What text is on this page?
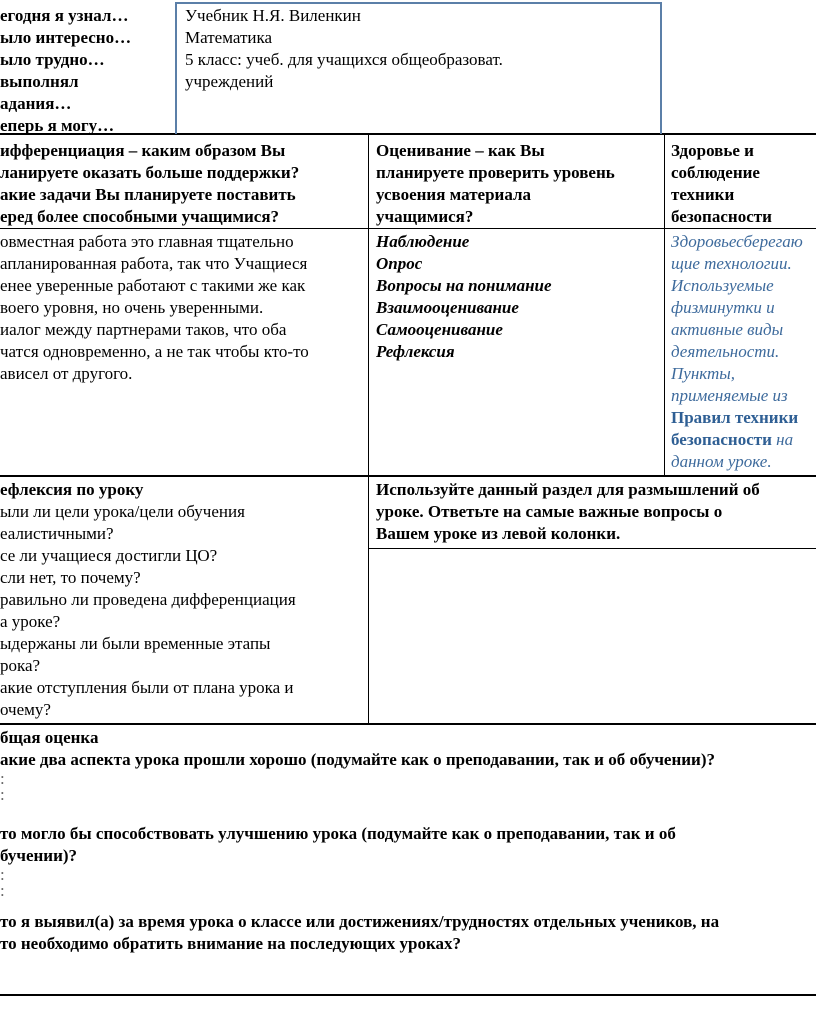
егодня я узнал…
ыло интересно…
ыло трудно…
выполнял
адания…
еперь я могу…
Учебник Н.Я. Виленкин
Математика
5 класс: учеб. для учащихся общеобразоват.
учреждений
ифференциация – каким образом Вы
ланируете оказать больше поддержки?
акие задачи Вы планируете поставить
еред более способными учащимися?
Оценивание – как Вы
планируете проверить уровень
усвоения материала
учащимися?
Здоровье и
соблюдение
техники
безопасности
овместная работа это главная тщательно
апланированная работа, так что Учащиеся
енее уверенные работают с такими же как
воего уровня, но очень уверенными.
иалог между партнерами таков, что оба
чатся одновременно, а не так чтобы кто-то
ависел от другого.
Наблюдение
Опрос
Вопросы на понимание
Взаимооценивание
Самооценивание
Рефлексия
Здоровьесберегаю
щие технологии.
Используемые
физминутки и
активные виды
деятельности.
Пункты,
применяемые из
Правил техники
безопасности на
данном уроке.
ефлексия по уроку
ыли ли цели урока/цели обучения
еалистичными?
се ли учащиеся достигли ЦО?
сли нет, то почему?
равильно ли проведена дифференциация
а уроке?
ыдержаны ли были временные этапы
рока?
акие отступления были от плана урока и
очему?
Используйте данный раздел для размышлений об
уроке. Ответьте на самые важные вопросы о
Вашем уроке из левой колонки.
бщая оценка
акие два аспекта урока прошли хорошо (подумайте как о преподавании, так и об обучении)?
:
:
то могло бы способствовать улучшению урока (подумайте как о преподавании, так и об
бучении)?
:
:
то я выявил(а) за время урока о классе или достижениях/трудностях отдельных учеников, на
то необходимо обратить внимание на последующих уроках?
